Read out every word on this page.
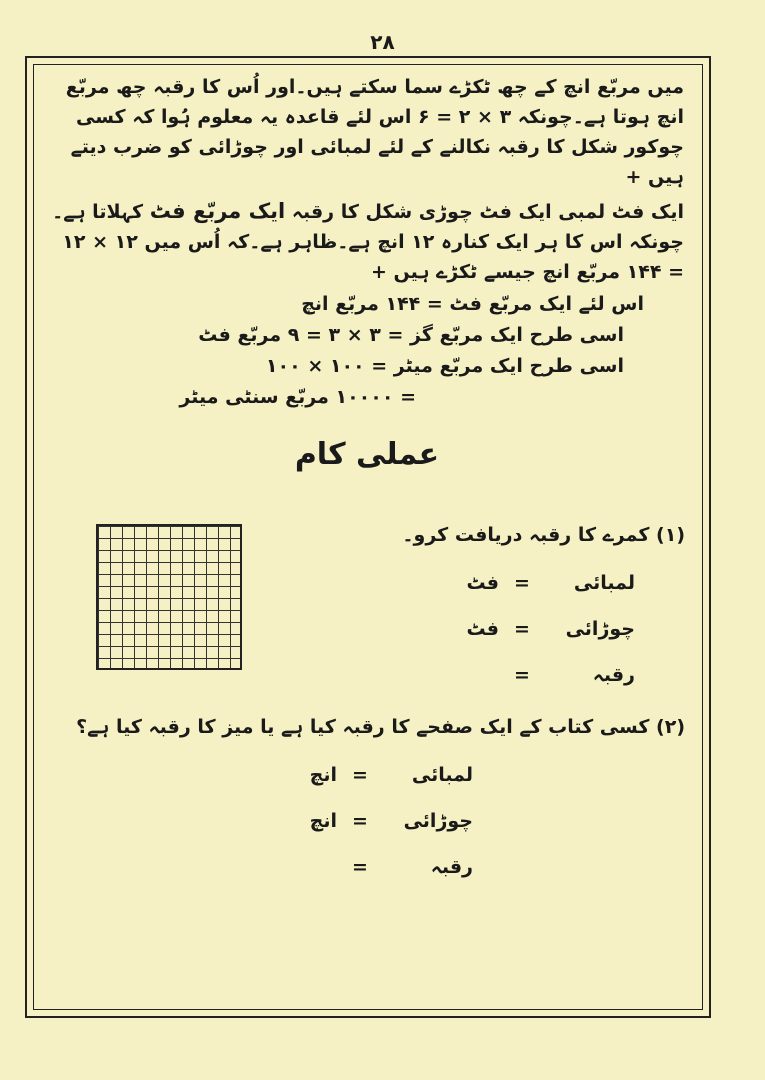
۲۸

میں مربّع انچ کے چھ ٹکڑے سما سکتے ہیں۔اور اُس کا رقبہ چھ مربّع انچ ہوتا ہے۔چونکہ ۳ × ۲ = ۶ اس لئے قاعدہ یہ معلوم ہُوا کہ کسی چوکور شکل کا رقبہ نکالنے کے لئے لمبائی اور چوڑائی کو ضرب دیتے ہیں +

ایک فٹ لمبی ایک فٹ چوڑی شکل کا رقبہ ایک مربّع فٹ کہلاتا ہے۔چونکہ اس کا ہر ایک کنارہ ۱۲ انچ ہے۔ظاہر ہے۔کہ اُس میں ۱۲ × ۱۲ = ۱۴۴ مربّع انچ جیسے ٹکڑے ہیں +

اس لئے ایک مربّع فٹ = ۱۴۴ مربّع انچ
اسی طرح ایک مربّع گز = ۳ × ۳ = ۹ مربّع فٹ
اسی طرح ایک مربّع میٹر = ۱۰۰ × ۱۰۰
= ۱۰۰۰۰ مربّع سنٹی میٹر
عملی کام
(۱) کمرے کا رقبہ دریافت کرو۔
لمبائی
=
فٹ
چوڑائی
=
فٹ
رقبہ
=
(۲) کسی کتاب کے ایک صفحے کا رقبہ کیا ہے یا میز کا رقبہ کیا ہے؟
لمبائی
=
انچ
چوڑائی
=
انچ
رقبہ
=
